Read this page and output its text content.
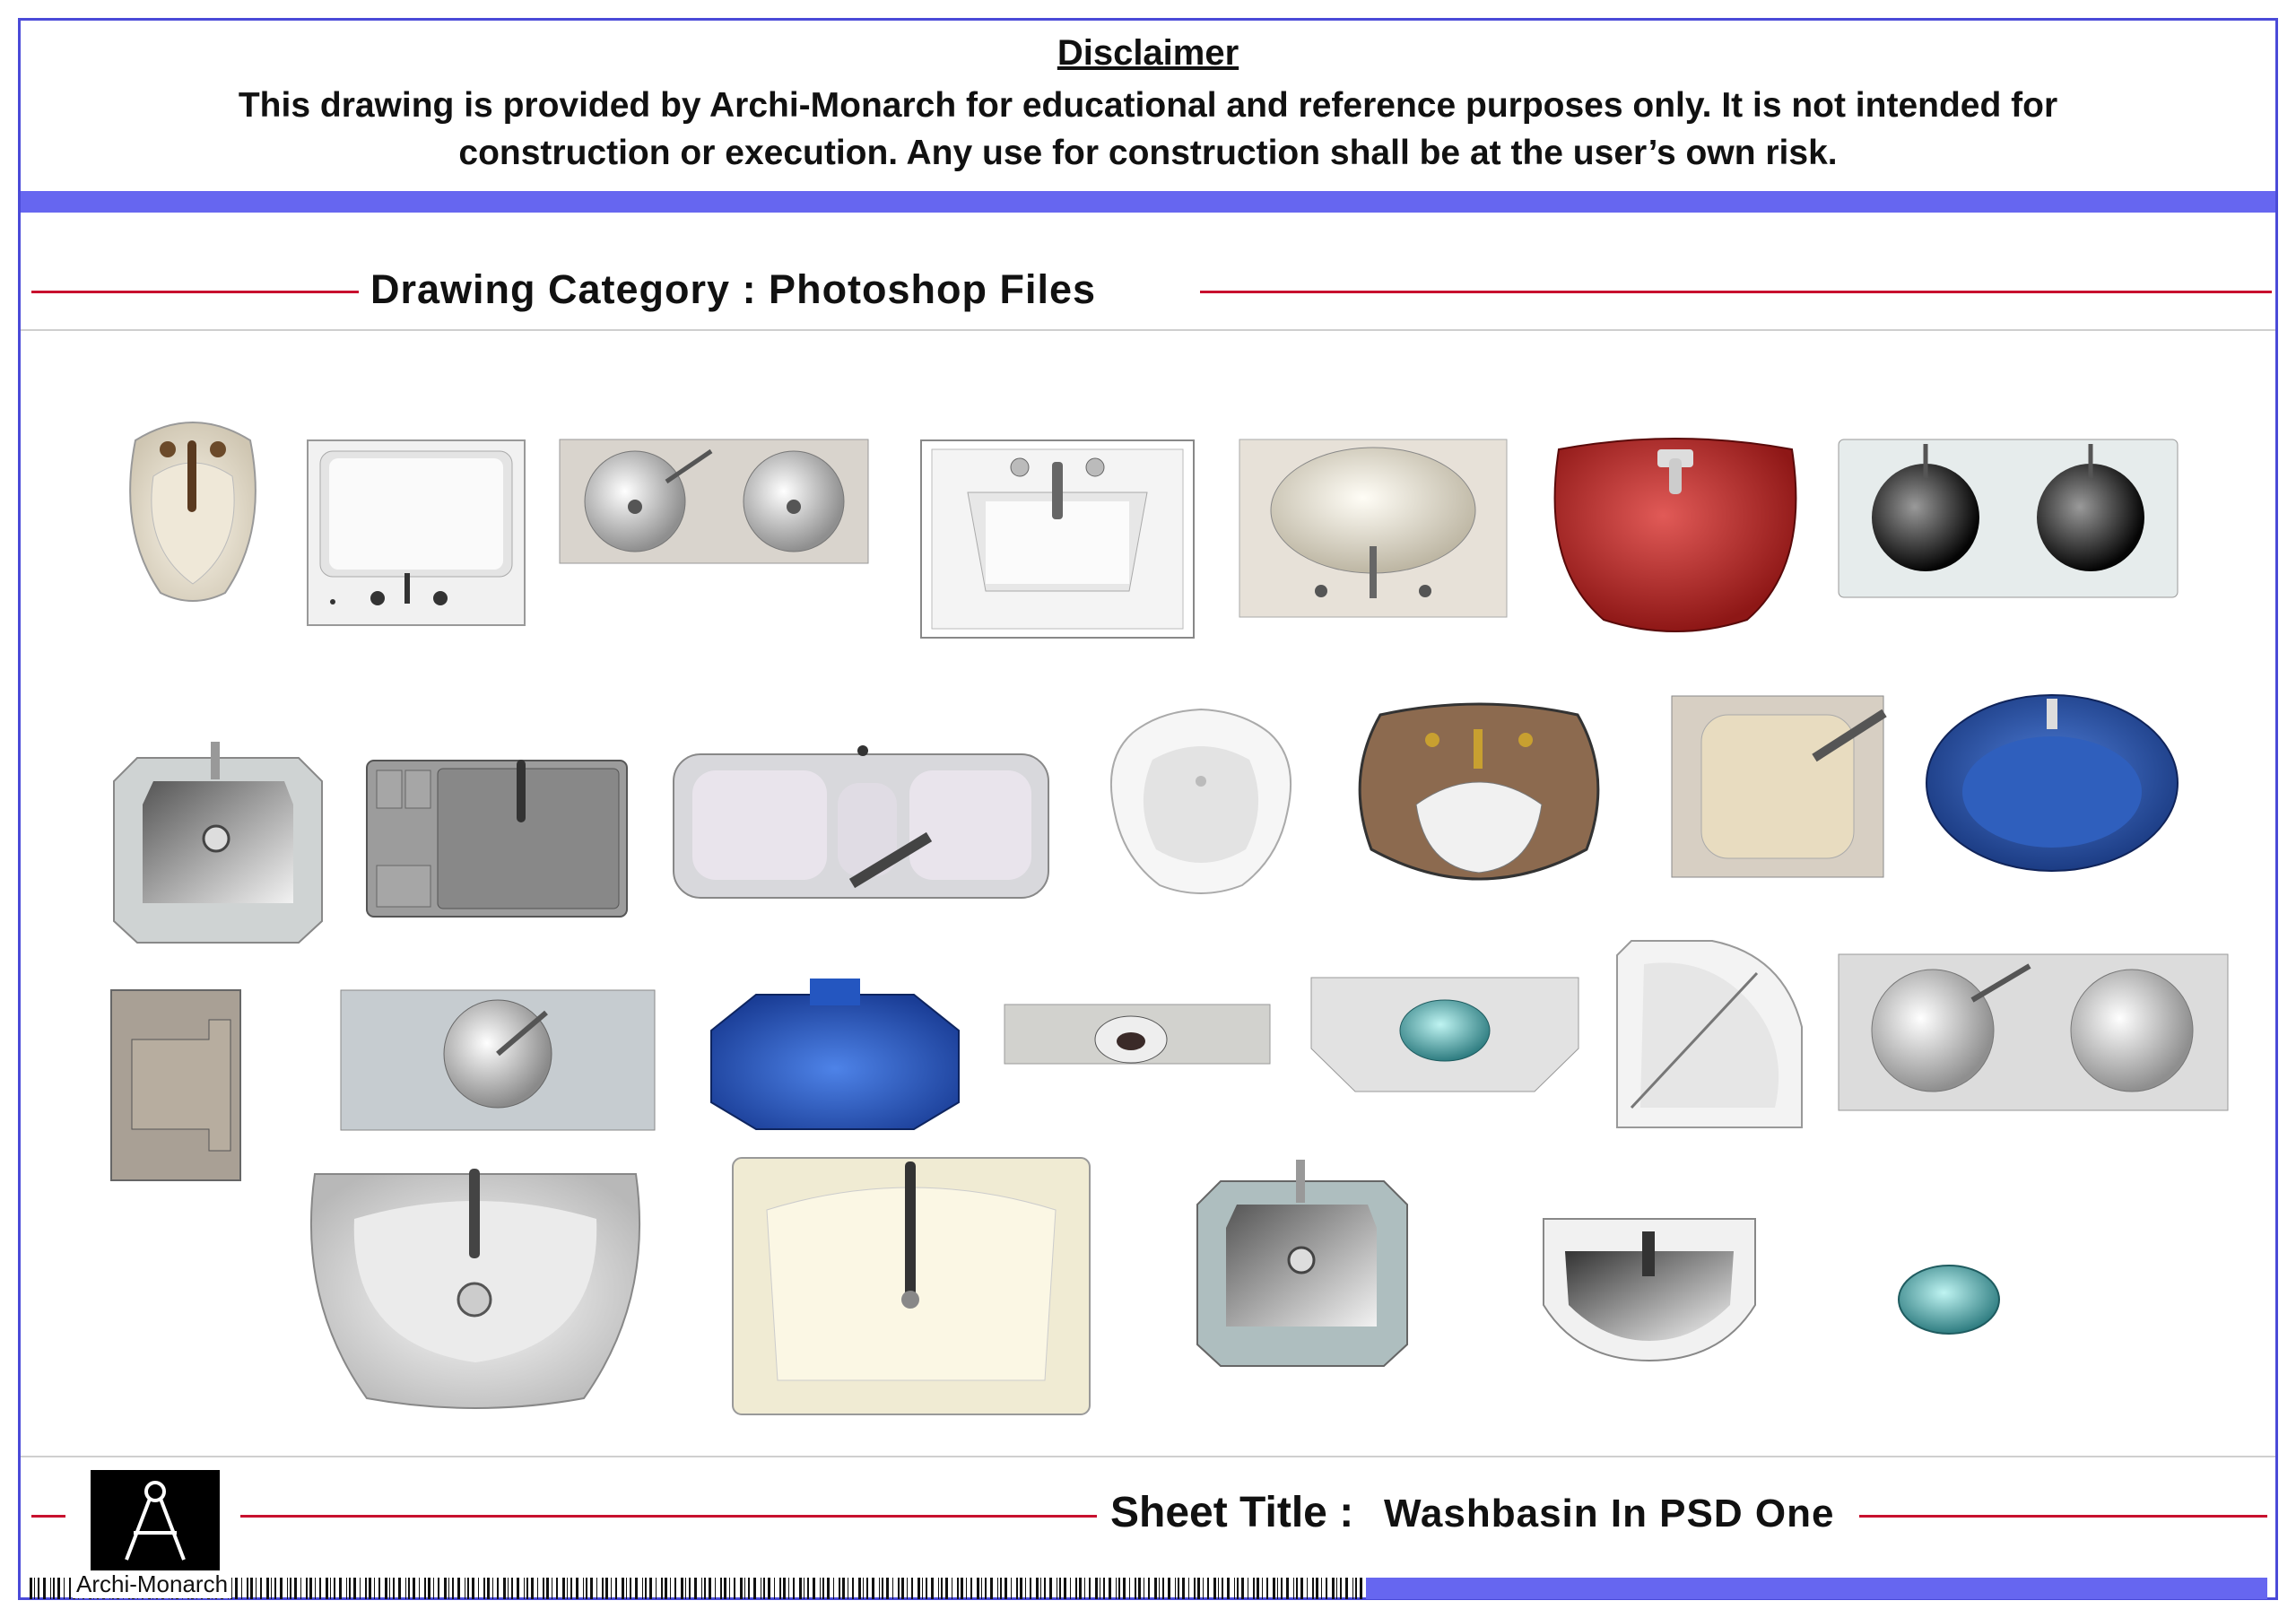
Disclaimer
This drawing is provided by Archi-Monarch for educational and reference purposes only. It is not intended for
construction or execution. Any use for construction shall be at the user’s own risk.
Drawing Category : Photoshop Files
Sheet Title : Washbasin In PSD One
Archi-Monarch
